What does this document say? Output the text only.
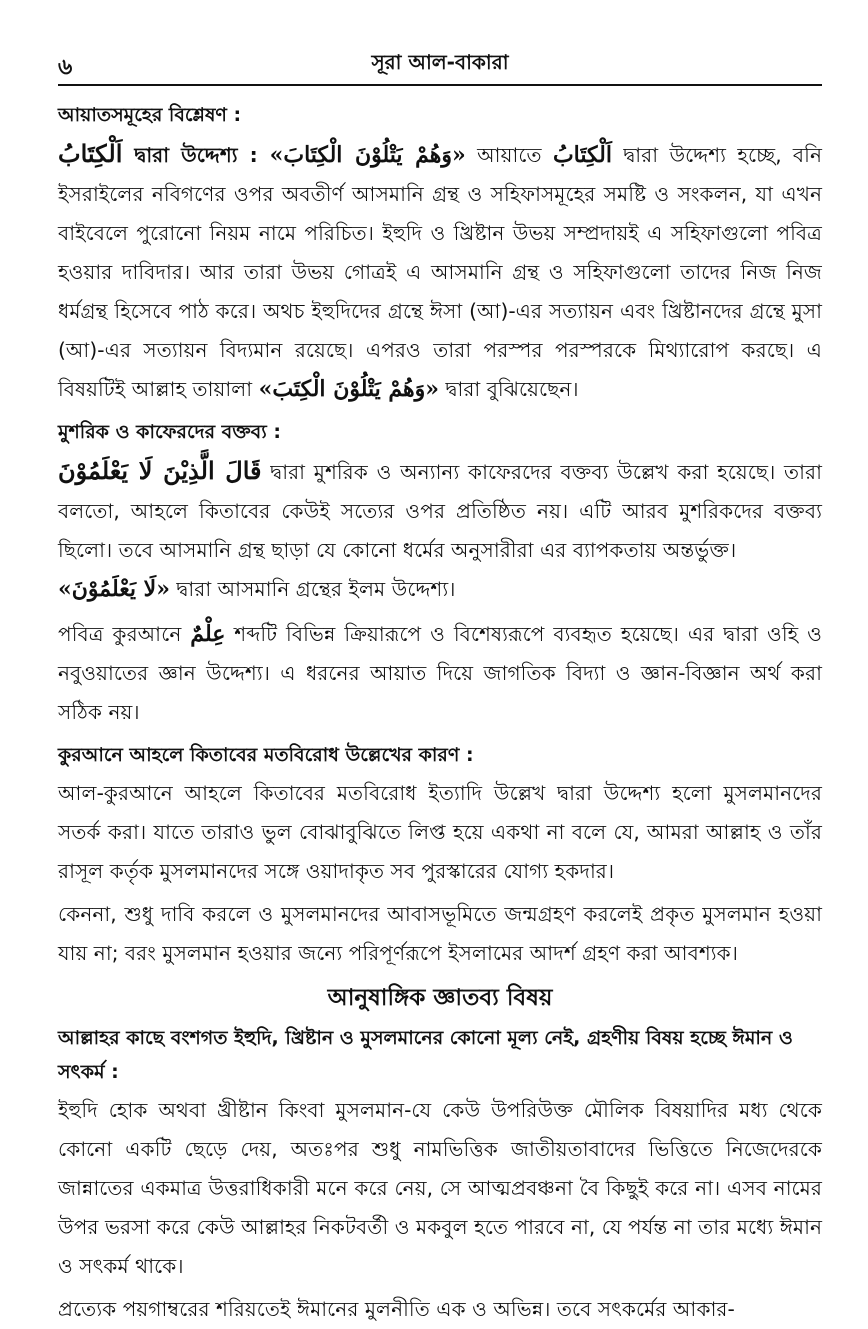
৬	সূরা আল-বাকারা
আয়াতসমূহের বিশ্লেষণ :

اَلْكِتَابُ দ্বারা উদ্দেশ্য : «وَهُمْ يَتْلُوْنَ الْكِتَابَ» আয়াতে اَلْكِتَابُ দ্বারা উদ্দেশ্য হচ্ছে, বনি ইসরাইলের নবিগণের ওপর অবতীর্ণ আসমানি গ্রন্থ ও সহিফাসমূহের সমষ্টি ও সংকলন, যা এখন বাইবেলে পুরোনো নিয়ম নামে পরিচিত। ইহুদি ও খ্রিষ্টান উভয় সম্প্রদায়ই এ সহিফাগুলো পবিত্র হওয়ার দাবিদার। আর তারা উভয় গোত্রই এ আসমানি গ্রন্থ ও সহিফাগুলো তাদের নিজ নিজ ধর্মগ্রন্থ হিসেবে পাঠ করে। অথচ ইহুদিদের গ্রন্থে ঈসা (আ)-এর সত্যায়ন এবং খ্রিষ্টানদের গ্রন্থে মুসা (আ)-এর সত্যায়ন বিদ্যমান রয়েছে। এপরও তারা পরস্পর পরস্পরকে মিথ্যারোপ করছে। এ বিষয়টিই আল্লাহ তায়ালা «وَهُمْ يَتْلُوْنَ الْكِتَبَ» দ্বারা বুঝিয়েছেন।

মুশরিক ও কাফেরদের বক্তব্য :

قَالَ الَّذِيْنَ لَا يَعْلَمُوْنَ দ্বারা মুশরিক ও অন্যান্য কাফেরদের বক্তব্য উল্লেখ করা হয়েছে। তারা বলতো, আহলে কিতাবের কেউই সত্যের ওপর প্রতিষ্ঠিত নয়। এটি আরব মুশরিকদের বক্তব্য ছিলো। তবে আসমানি গ্রন্থ ছাড়া যে কোনো ধর্মের অনুসারীরা এর ব্যাপকতায় অন্তর্ভুক্ত।
«لَا يَعْلَمُوْنَ» দ্বারা আসমানি গ্রন্থের ইলম উদ্দেশ্য।

পবিত্র কুরআনে عِلْمٌ শব্দটি বিভিন্ন ক্রিয়ারূপে ও বিশেষ্যরূপে ব্যবহৃত হয়েছে। এর দ্বারা ওহি ও নবুওয়াতের জ্ঞান উদ্দেশ্য। এ ধরনের আয়াত দিয়ে জাগতিক বিদ্যা ও জ্ঞান-বিজ্ঞান অর্থ করা সঠিক নয়।

কুরআনে আহলে কিতাবের মতবিরোধ উল্লেখের কারণ :

আল-কুরআনে আহলে কিতাবের মতবিরোধ ইত্যাদি উল্লেখ দ্বারা উদ্দেশ্য হলো মুসলমানদের সতর্ক করা। যাতে তারাও ভুল বোঝাবুঝিতে লিপ্ত হয়ে একথা না বলে যে, আমরা আল্লাহ ও তাঁর রাসূল কর্তৃক মুসলমানদের সঙ্গে ওয়াদাকৃত সব পুরস্কারের যোগ্য হকদার।

কেননা, শুধু দাবি করলে ও মুসলমানদের আবাসভূমিতে জন্মগ্রহণ করলেই প্রকৃত মুসলমান হওয়া যায় না; বরং মুসলমান হওয়ার জন্যে পরিপূর্ণরূপে ইসলামের আদর্শ গ্রহণ করা আবশ্যক।

আনুষাঙ্গিক জ্ঞাতব্য বিষয়
আল্লাহর কাছে বংশগত ইহুদি, খ্রিষ্টান ও মুসলমানের কোনো মূল্য নেই, গ্রহণীয় বিষয় হচ্ছে ঈমান ও সৎকর্ম :

ইহুদি হোক অথবা খ্রীষ্টান কিংবা মুসলমান-যে কেউ উপরিউক্ত মৌলিক বিষয়াদির মধ্য থেকে কোনো একটি ছেড়ে দেয়, অতঃপর শুধু নামভিত্তিক জাতীয়তাবাদের ভিত্তিতে নিজেদেরকে জান্নাতের একমাত্র উত্তরাধিকারী মনে করে নেয়, সে আত্মপ্রবঞ্চনা বৈ কিছুই করে না। এসব নামের উপর ভরসা করে কেউ আল্লাহর নিকটবর্তী ও মকবুল হতে পারবে না, যে পর্যন্ত না তার মধ্যে ঈমান ও সৎকর্ম থাকে।

প্রত্যেক পয়গাম্বরের শরিয়তেই ঈমানের মুলনীতি এক ও অভিন্ন। তবে সৎকর্মের আকার-
